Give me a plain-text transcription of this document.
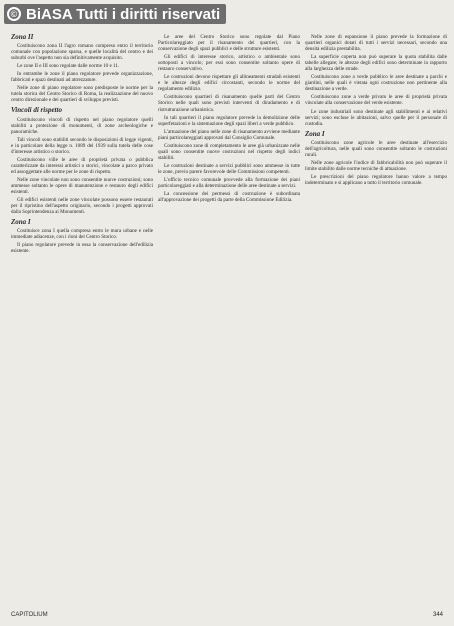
© BiASA Tutti i diritti riservati
Zona II

Costituiscono zona II l'agro romano compreso entro il territorio comunale con popolazione sparsa, e quelle località del centro e dei suburbi ove l'aspetto non sia definitivamente acquisito.

Le zone II e III sono regolate dalle norme 10 e 11.

In entrambe le zone il piano regolatore prevede organizzazione, fabbricati e spazi destinati ad attrezzature.

Nelle zone di piano regolatore sono predisposte le norme per la tutela storica del Centro Storico di Roma, la realizzazione del nuovo centro direzionale e dei quartieri di sviluppo previsti.

Vincoli di rispetto

Costituiscono vincoli di rispetto nel piano regolatore quelli stabiliti a protezione di monumenti, di zone archeologiche e panoramiche.

Tali vincoli sono stabiliti secondo le disposizioni di legge vigenti, e in particolare della legge n. 1089 del 1939 sulla tutela delle cose d'interesse artistico o storico.

Costituiscono ville le aree di proprietà privata o pubblica caratterizzate da interessi artistici o storici, vincolate a parco privato ed assoggettate alle norme per le zone di rispetto.

Nelle zone vincolate non sono consentite nuove costruzioni; sono ammesse soltanto le opere di manutenzione e restauro degli edifici esistenti.

Gli edifici esistenti nelle zone vincolate possono essere restaurati per il ripristino dell'aspetto originario, secondo i progetti approvati dalla Soprintendenza ai Monumenti.

Zona I

Costituisce zona I quella compresa entro le mura urbane e nelle immediate adiacenze, con i rioni del Centro Storico.

Il piano regolatore prevede in essa la conservazione dell'edilizia esistente.

Le aree del Centro Storico sono regolate dal Piano Particolareggiato per il risanamento dei quartieri, con la conservazione degli spazi pubblici e delle strutture esistenti.

Gli edifici di interesse storico, artistico o ambientale sono sottoposti a vincolo; per essi sono consentite soltanto opere di restauro conservativo.

Le costruzioni devono rispettare gli allineamenti stradali esistenti e le altezze degli edifici circostanti, secondo le norme del regolamento edilizio.

Costituiscono quartieri di risanamento quelle parti del Centro Storico nelle quali sono previsti interventi di diradamento e di ristrutturazione urbanistica.

In tali quartieri il piano regolatore prevede la demolizione delle superfetazioni e la sistemazione degli spazi liberi a verde pubblico.

L'attuazione del piano nelle zone di risanamento avviene mediante piani particolareggiati approvati dal Consiglio Comunale.

Costituiscono zone di completamento le aree già urbanizzate nelle quali sono consentite nuove costruzioni nel rispetto degli indici stabiliti.

Le costruzioni destinate a servizi pubblici sono ammesse in tutte le zone, previo parere favorevole delle Commissioni competenti.

L'ufficio tecnico comunale provvede alla formazione dei piani particolareggiati e alla determinazione delle aree destinate a servizi.

La concessione dei permessi di costruzione è subordinata all'approvazione dei progetti da parte della Commissione Edilizia.

Nelle zone di espansione il piano prevede la formazione di quartieri organici dotati di tutti i servizi necessari, secondo una densità edilizia prestabilita.

La superficie coperta non può superare la quota stabilita dalle tabelle allegate; le altezze degli edifici sono determinate in rapporto alla larghezza delle strade.

Costituiscono zone a verde pubblico le aree destinate a parchi e giardini, nelle quali è vietata ogni costruzione non pertinente alla destinazione a verde.

Costituiscono zone a verde privato le aree di proprietà privata vincolate alla conservazione del verde esistente.

Le zone industriali sono destinate agli stabilimenti e ai relativi servizi; sono escluse le abitazioni, salvo quelle per il personale di custodia.

Zona I

Costituiscono zone agricole le aree destinate all'esercizio dell'agricoltura, nelle quali sono consentite soltanto le costruzioni rurali.

Nelle zone agricole l'indice di fabbricabilità non può superare il limite stabilito dalle norme tecniche di attuazione.

Le prescrizioni del piano regolatore hanno valore a tempo indeterminato e si applicano a tutto il territorio comunale.

CAPITOLIUM	344
